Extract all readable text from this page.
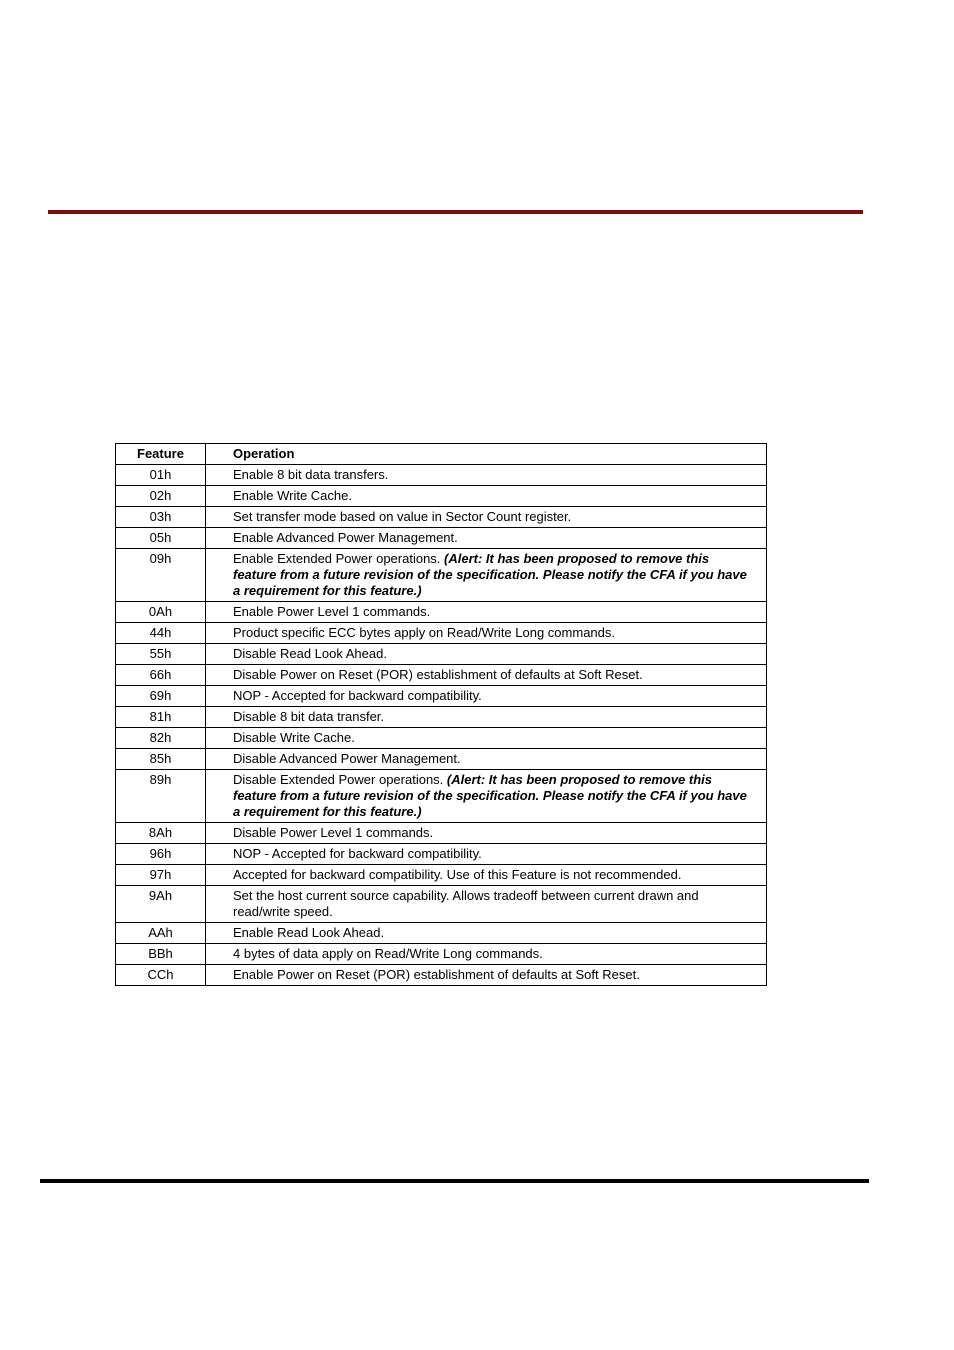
Feature	Operation
01h	Enable 8 bit data transfers.
02h	Enable Write Cache.
03h	Set transfer mode based on value in Sector Count register.
05h	Enable Advanced Power Management.
09h	Enable Extended Power operations. (Alert: It has been proposed to remove this feature from a future revision of the specification. Please notify the CFA if you have a requirement for this feature.)
0Ah	Enable Power Level 1 commands.
44h	Product specific ECC bytes apply on Read/Write Long commands.
55h	Disable Read Look Ahead.
66h	Disable Power on Reset (POR) establishment of defaults at Soft Reset.
69h	NOP - Accepted for backward compatibility.
81h	Disable 8 bit data transfer.
82h	Disable Write Cache.
85h	Disable Advanced Power Management.
89h	Disable Extended Power operations. (Alert: It has been proposed to remove this feature from a future revision of the specification. Please notify the CFA if you have a requirement for this feature.)
8Ah	Disable Power Level 1 commands.
96h	NOP - Accepted for backward compatibility.
97h	Accepted for backward compatibility. Use of this Feature is not recommended.
9Ah	Set the host current source capability. Allows tradeoff between current drawn and read/write speed.
AAh	Enable Read Look Ahead.
BBh	4 bytes of data apply on Read/Write Long commands.
CCh	Enable Power on Reset (POR) establishment of defaults at Soft Reset.
